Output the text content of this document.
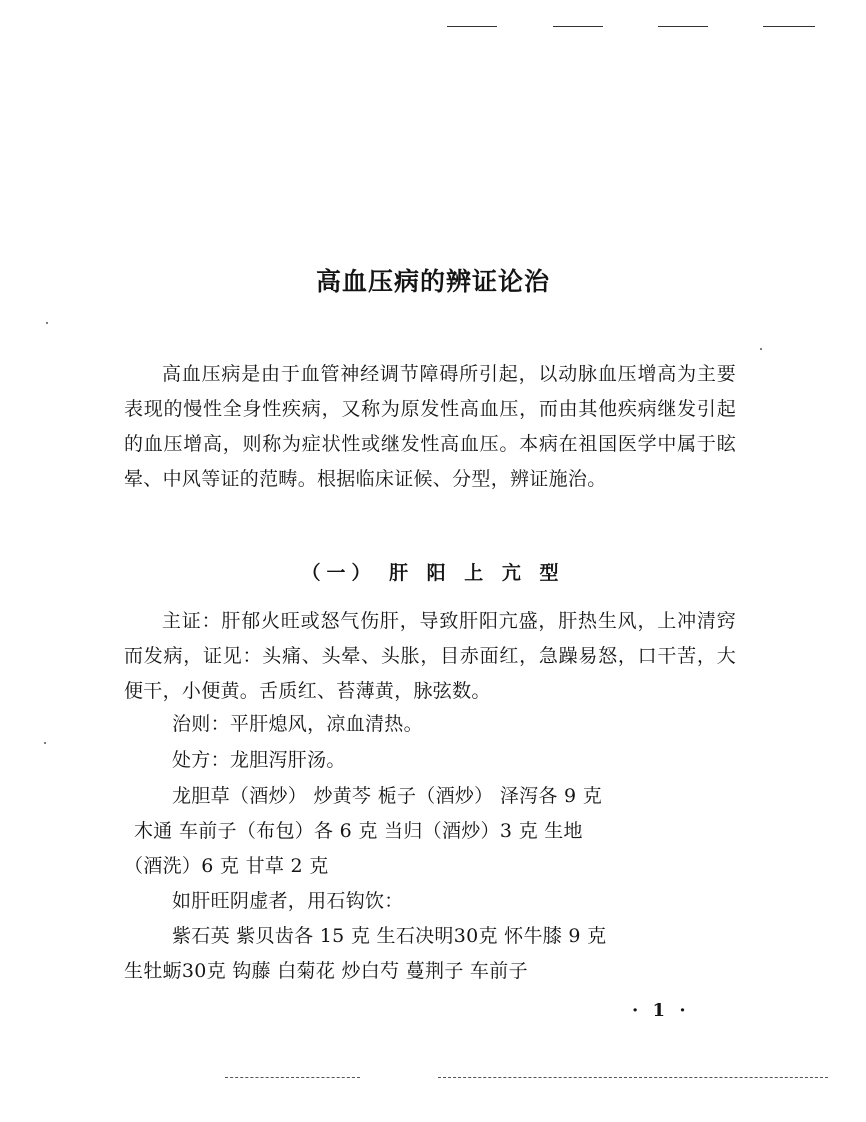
高血压病的辨证论治

高血压病是由于血管神经调节障碍所引起，以动脉血压增高为主要表现的慢性全身性疾病，又称为原发性高血压，而由其他疾病继发引起的血压增高，则称为症状性或继发性高血压。本病在祖国医学中属于眩晕、中风等证的范畴。根据临床证候、分型，辨证施治。

（一） 肝 阳 上 亢 型

主证：肝郁火旺或怒气伤肝，导致肝阳亢盛，肝热生风，上冲清窍而发病，证见：头痛、头晕、头胀，目赤面红，急躁易怒，口干苦，大便干，小便黄。舌质红、苔薄黄，脉弦数。

治则：平肝熄风，凉血清热。
处方：龙胆泻肝汤。
龙胆草（酒炒） 炒黄芩 栀子（酒炒） 泽泻各 9 克
木通 车前子（布包）各 6 克 当归（酒炒）3 克 生地
（酒洗）6 克 甘草 2 克
如肝旺阴虚者，用石钩饮：
紫石英 紫贝齿各 15 克 生石决明30克 怀牛膝 9 克
生牡蛎30克 钩藤 白菊花 炒白芍 蔓荆子 车前子
· 1 ·
